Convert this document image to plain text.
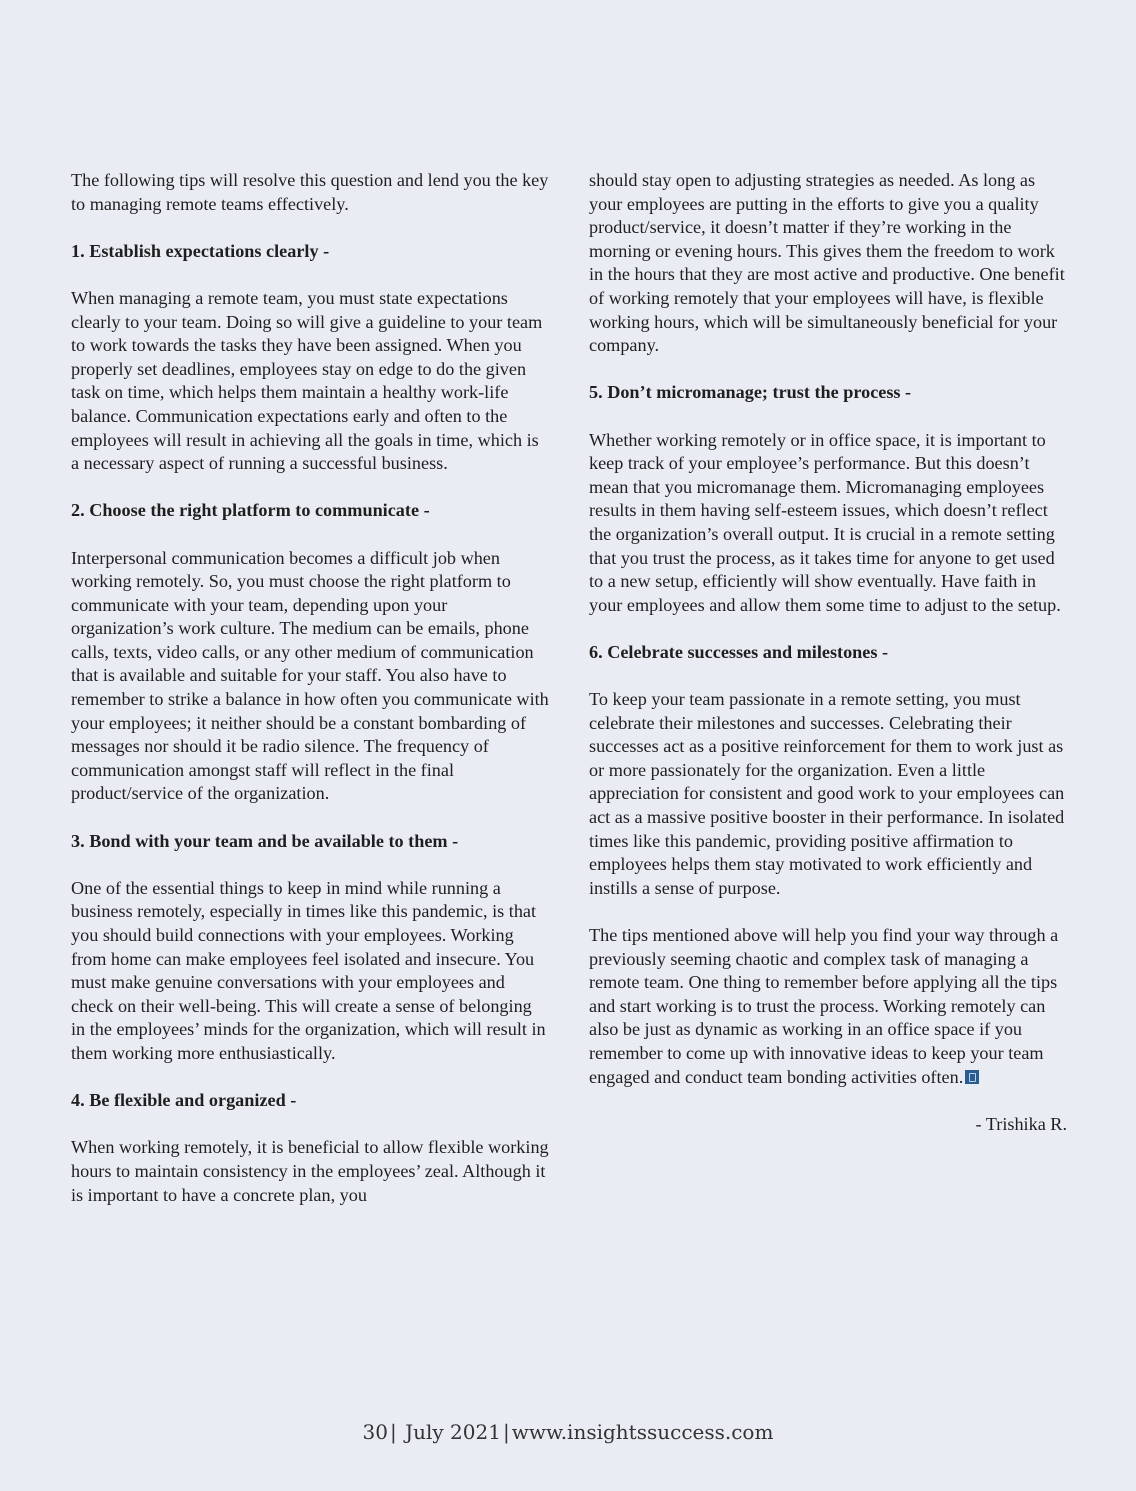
The following tips will resolve this question and lend you the key to managing remote teams effectively.

1. Establish expectations clearly -

When managing a remote team, you must state expectations clearly to your team. Doing so will give a guideline to your team to work towards the tasks they have been assigned. When you properly set deadlines, employees stay on edge to do the given task on time, which helps them maintain a healthy work-life balance. Communication expectations early and often to the employees will result in achieving all the goals in time, which is a necessary aspect of running a successful business.

2. Choose the right platform to communicate -

Interpersonal communication becomes a difficult job when working remotely. So, you must choose the right platform to communicate with your team, depending upon your organization’s work culture. The medium can be emails, phone calls, texts, video calls, or any other medium of communication that is available and suitable for your staff. You also have to remember to strike a balance in how often you communicate with your employees; it neither should be a constant bombarding of messages nor should it be radio silence. The frequency of communication amongst staff will reflect in the final product/service of the organization.

3. Bond with your team and be available to them -

One of the essential things to keep in mind while running a business remotely, especially in times like this pandemic, is that you should build connections with your employees. Working from home can make employees feel isolated and insecure. You must make genuine conversations with your employees and check on their well-being. This will create a sense of belonging in the employees’ minds for the organization, which will result in them working more enthusiastically.

4. Be flexible and organized -

When working remotely, it is beneficial to allow flexible working hours to maintain consistency in the employees’ zeal. Although it is important to have a concrete plan, you

should stay open to adjusting strategies as needed. As long as your employees are putting in the efforts to give you a quality product/service, it doesn’t matter if they’re working in the morning or evening hours. This gives them the freedom to work in the hours that they are most active and productive. One benefit of working remotely that your employees will have, is flexible working hours, which will be simultaneously beneficial for your company.

5. Don’t micromanage; trust the process -

Whether working remotely or in office space, it is important to keep track of your employee’s performance. But this doesn’t mean that you micromanage them. Micromanaging employees results in them having self-esteem issues, which doesn’t reflect the organization’s overall output. It is crucial in a remote setting that you trust the process, as it takes time for anyone to get used to a new setup, efficiently will show eventually. Have faith in your employees and allow them some time to adjust to the setup.

6. Celebrate successes and milestones -

To keep your team passionate in a remote setting, you must celebrate their milestones and successes. Celebrating their successes act as a positive reinforcement for them to work just as or more passionately for the organization. Even a little appreciation for consistent and good work to your employees can act as a massive positive booster in their performance. In isolated times like this pandemic, providing positive affirmation to employees helps them stay motivated to work efficiently and instills a sense of purpose.

The tips mentioned above will help you find your way through a previously seeming chaotic and complex task of managing a remote team. One thing to remember before applying all the tips and start working is to trust the process. Working remotely can also be just as dynamic as working in an office space if you remember to come up with innovative ideas to keep your team engaged and conduct team bonding activities often.

- Trishika R.

30 | July 2021 | www.insightssuccess.com
